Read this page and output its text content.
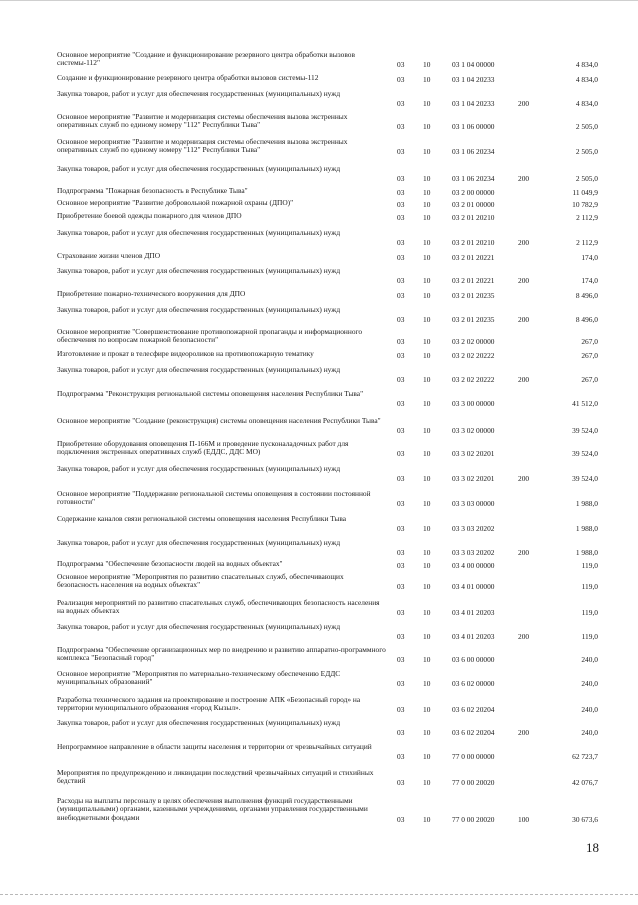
Основное мероприятие "Создание и функционирование резервного центра обработки вызовов системы-112"	03	10	03 1 04 00000	4 834,0
Создание и функционирование резервного центра обработки вызовов системы-112	03	10	03 1 04 20233	4 834,0
Закупка товаров, работ и услуг для обеспечения государственных (муниципальных) нужд
03	10	03 1 04 20233	200	4 834,0
Основное мероприятие "Развитие и модернизация системы обеспечения вызова экстренных оперативных служб по единому номеру "112" Республики Тыва"	03	10	03 1 06 00000	2 505,0
Основное мероприятие "Развитие и модернизация системы обеспечения вызова экстренных оперативных служб по единому номеру "112" Республики Тыва"	03	10	03 1 06 20234	2 505,0
Закупка товаров, работ и услуг для обеспечения государственных (муниципальных) нужд
03	10	03 1 06 20234	200	2 505,0
Подпрограмма "Пожарная безопасность в Республике Тыва"	03	10	03 2 00 00000	11 049,9
Основное мероприятие "Развитие добровольной пожарной охраны (ДПО)"	03	10	03 2 01 00000	10 782,9
Приобретение боевой одежды пожарного для членов ДПО	03	10	03 2 01 20210	2 112,9
Закупка товаров, работ и услуг для обеспечения государственных (муниципальных) нужд
03	10	03 2 01 20210	200	2 112,9
Страхование жизни членов ДПО	03	10	03 2 01 20221	174,0
Закупка товаров, работ и услуг для обеспечения государственных (муниципальных) нужд
03	10	03 2 01 20221	200	174,0
Приобретение пожарно-технического вооружения для ДПО	03	10	03 2 01 20235	8 496,0
Закупка товаров, работ и услуг для обеспечения государственных (муниципальных) нужд
03	10	03 2 01 20235	200	8 496,0
Основное мероприятие "Совершенствование противопожарной пропаганды и информационного обеспечения по вопросам пожарной безопасности"	03	10	03 2 02 00000	267,0
Изготовление и прокат в телесфире видеороликов на противопожарную тематику	03	10	03 2 02 20222	267,0
Закупка товаров, работ и услуг для обеспечения государственных (муниципальных) нужд
03	10	03 2 02 20222	200	267,0
Подпрограмма "Реконструкция региональной системы оповещения населения Республики Тыва"
03	10	03 3 00 00000	41 512,0
Основное мероприятие "Создание (реконструкция) системы оповещения населения Республики Тыва"
03	10	03 3 02 00000	39 524,0
Приобретение оборудования оповещения П-166М и проведение пусконаладочных работ для подключения экстренных оперативных служб (ЕДДС, ДДС МО)	03	10	03 3 02 20201	39 524,0
Закупка товаров, работ и услуг для обеспечения государственных (муниципальных) нужд
03	10	03 3 02 20201	200	39 524,0
Основное мероприятие "Поддержание региональной системы оповещения в состоянии постоянной готовности"	03	10	03 3 03 00000	1 988,0
Содержание каналов связи региональной системы оповещения населения Республики Тыва
03	10	03 3 03 20202	1 988,0
Закупка товаров, работ и услуг для обеспечения государственных (муниципальных) нужд
03	10	03 3 03 20202	200	1 988,0
Подпрограмма "Обеспечение безопасности людей на водных объектах"	03	10	03 4 00 00000	119,0
Основное мероприятие "Мероприятия по развитию спасательных служб, обеспечивающих безопасность населения на водных объектах"	03	10	03 4 01 00000	119,0
Реализация мероприятий по развитию спасательных служб, обеспечивающих безопасность населения на водных объектах	03	10	03 4 01 20203	119,0
Закупка товаров, работ и услуг для обеспечения государственных (муниципальных) нужд
03	10	03 4 01 20203	200	119,0
Подпрограмма "Обеспечение организационных мер по внедрению и развитию аппаратно-программного комплекса "Безопасный город"	03	10	03 6 00 00000	240,0
Основное мероприятие "Мероприятия по материально-техническому обеспечению ЕДДС муниципальных образований"	03	10	03 6 02 00000	240,0
Разработка технического задания на проектирование и построение АПК «Безопасный город» на территории муниципального образования «город Кызыл».	03	10	03 6 02 20204	240,0
Закупка товаров, работ и услуг для обеспечения государственных (муниципальных) нужд
03	10	03 6 02 20204	200	240,0
Непрограммное направление в области защиты населения и территории от чрезвычайных ситуаций
03	10	77 0 00 00000	62 723,7
Мероприятия по предупреждению и ликвидации последствий чрезвычайных ситуаций и стихийных бедствий	03	10	77 0 00 20020	42 076,7
Расходы на выплаты персоналу в целях обеспечения выполнения функций государственными (муниципальными) органами, казенными учреждениями, органами управления государственными внебюджетными фондами	03	10	77 0 00 20020	100	30 673,6
18
